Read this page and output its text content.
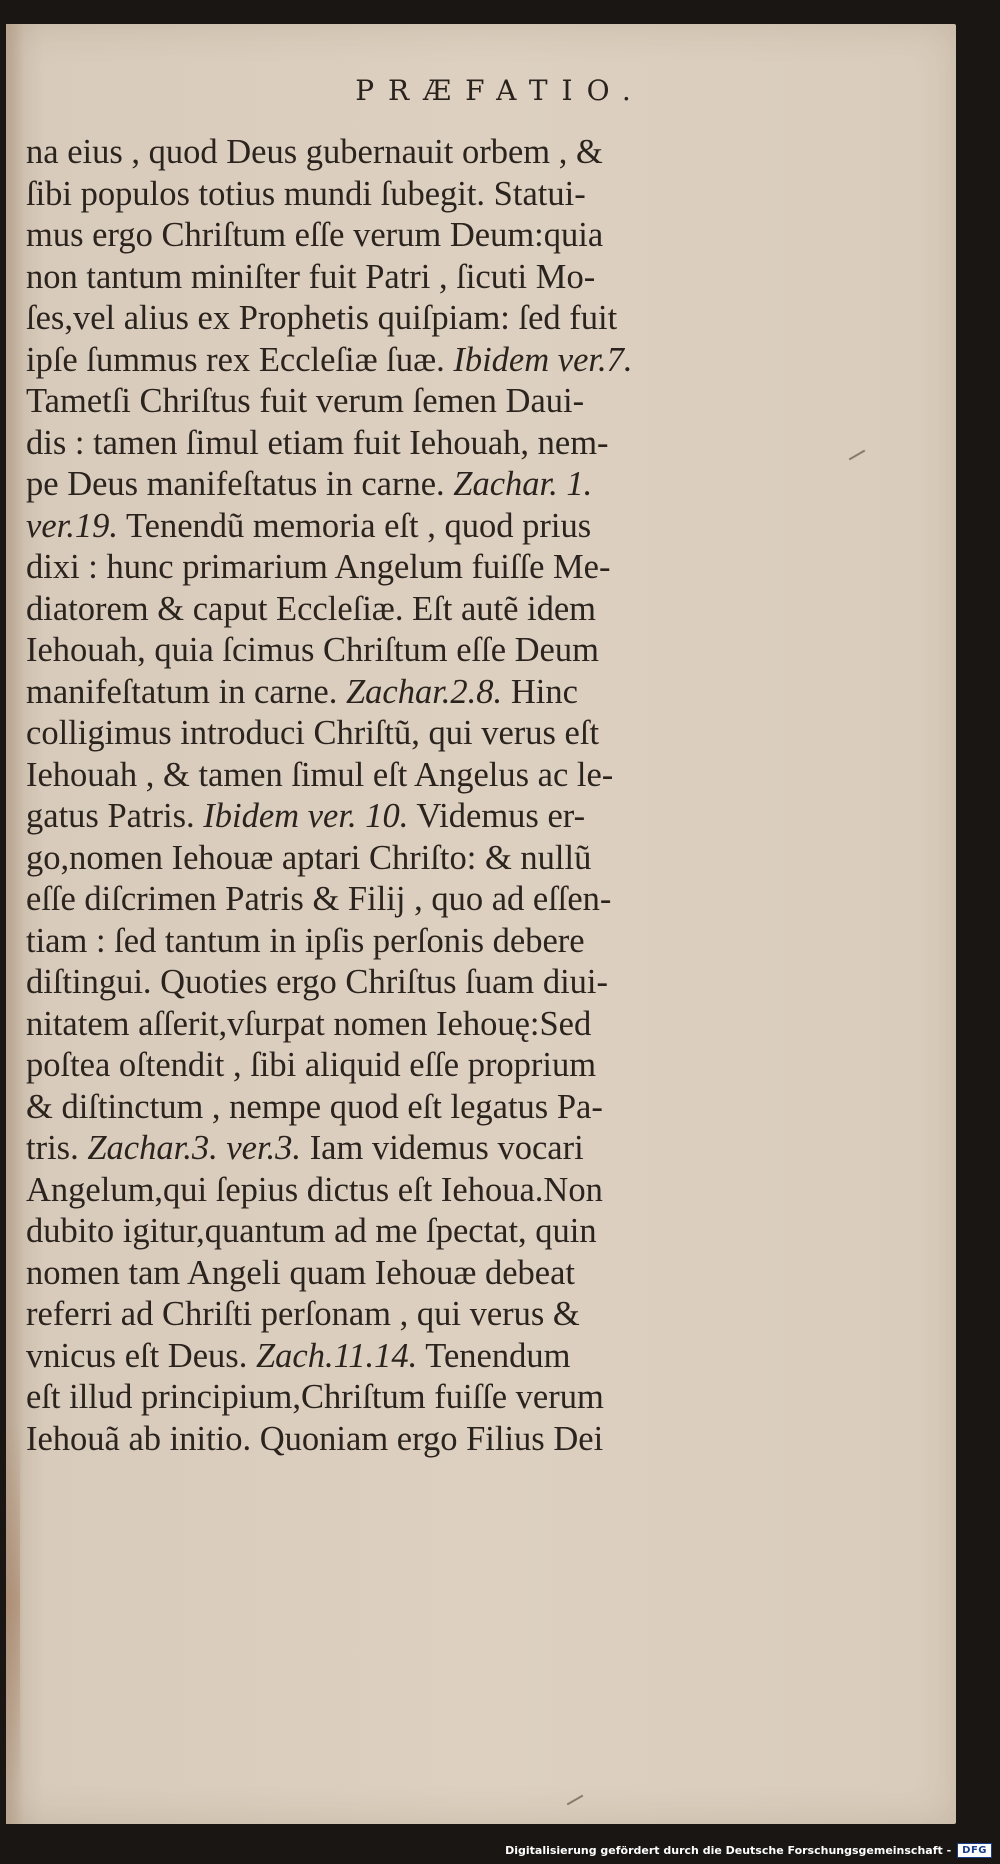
PRÆFATIO.
na eius , quod Deus gubernauit orbem , &
ſibi populos totius mundi ſubegit. Statui-
mus ergo Chriſtum eſſe verum Deum:quia
non tantum miniſter fuit Patri , ſicuti Mo-
ſes,vel alius ex Prophetis quiſpiam: ſed fuit
ipſe ſummus rex Eccleſiæ ſuæ. Ibidem ver.7.
Tametſi Chriſtus fuit verum ſemen Daui-
dis : tamen ſimul etiam fuit Iehouah, nem-
pe Deus manifeſtatus in carne. Zachar. 1.
ver.19. Tenendũ memoria eſt , quod prius
dixi : hunc primarium Angelum fuiſſe Me-
diatorem & caput Eccleſiæ. Eſt autẽ idem
Iehouah, quia ſcimus Chriſtum eſſe Deum
manifeſtatum in carne. Zachar.2.8. Hinc
colligimus introduci Chriſtũ, qui verus eſt
Iehouah , & tamen ſimul eſt Angelus ac le-
gatus Patris. Ibidem ver. 10. Videmus er-
go,nomen Iehouæ aptari Chriſto: & nullũ
eſſe diſcrimen Patris & Filij , quo ad eſſen-
tiam : ſed tantum in ipſis perſonis debere
diſtingui. Quoties ergo Chriſtus ſuam diui-
nitatem aſſerit,vſurpat nomen Iehouę:Sed
poſtea oſtendit , ſibi aliquid eſſe proprium
& diſtinctum , nempe quod eſt legatus Pa-
tris. Zachar.3. ver.3. Iam videmus vocari
Angelum,qui ſepius dictus eſt Iehoua.Non
dubito igitur,quantum ad me ſpectat, quin
nomen tam Angeli quam Iehouæ debeat
referri ad Chriſti perſonam , qui verus &
vnicus eſt Deus. Zach.11.14. Tenendum
eſt illud principium,Chriſtum fuiſſe verum
Iehouã ab initio. Quoniam ergo Filius Dei
Digitalisierung gefördert durch die Deutsche Forschungsgemeinschaft -	DFG
